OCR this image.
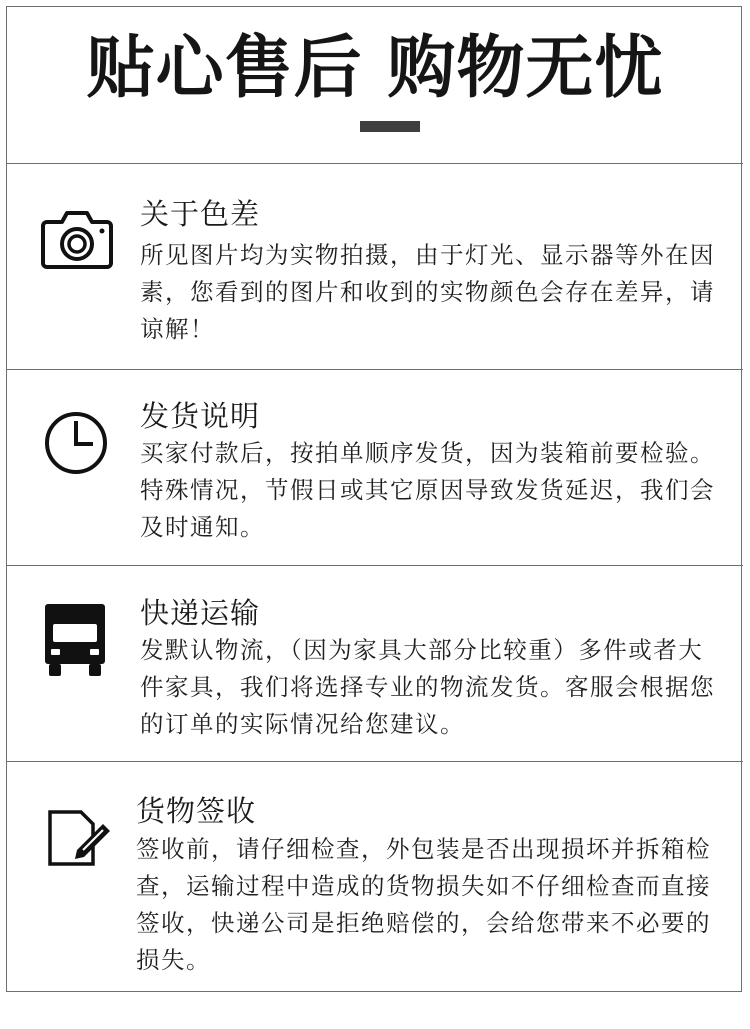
贴心售后 购物无忧
关于色差
所见图片均为实物拍摄，由于灯光、显示器等外在因素，您看到的图片和收到的实物颜色会存在差异，请谅解！
发货说明
买家付款后，按拍单顺序发货，因为装箱前要检验。特殊情况，节假日或其它原因导致发货延迟，我们会及时通知。
快递运输
发默认物流，（因为家具大部分比较重）多件或者大件家具，我们将选择专业的物流发货。客服会根据您的订单的实际情况给您建议。
货物签收
签收前，请仔细检查，外包装是否出现损坏并拆箱检查，运输过程中造成的货物损失如不仔细检查而直接签收，快递公司是拒绝赔偿的，会给您带来不必要的损失。
